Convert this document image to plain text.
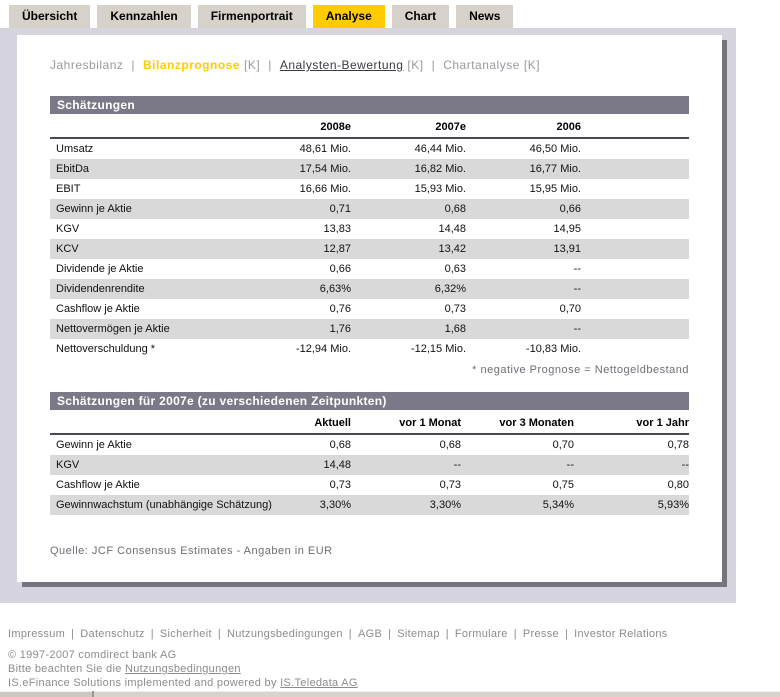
Übersicht	Kennzahlen	Firmenportrait	Analyse	Chart	News
Jahresbilanz | Bilanzprognose [K] | Analysten-Bewertung [K] | Chartanalyse [K]
Schätzungen
2008e	2007e	2006
Umsatz	48,61 Mio.	46,44 Mio.	46,50 Mio.
EbitDa	17,54 Mio.	16,82 Mio.	16,77 Mio.
EBIT	16,66 Mio.	15,93 Mio.	15,95 Mio.
Gewinn je Aktie	0,71	0,68	0,66
KGV	13,83	14,48	14,95
KCV	12,87	13,42	13,91
Dividende je Aktie	0,66	0,63	--
Dividendenrendite	6,63%	6,32%	--
Cashflow je Aktie	0,76	0,73	0,70
Nettovermögen je Aktie	1,76	1,68	--
Nettoverschuldung *	-12,94 Mio.	-12,15 Mio.	-10,83 Mio.
* negative Prognose = Nettogeldbestand
Schätzungen für 2007e (zu verschiedenen Zeitpunkten)
Aktuell	vor 1 Monat	vor 3 Monaten	vor 1 Jahr
Gewinn je Aktie	0,68	0,68	0,70	0,78
KGV	14,48	--	--	--
Cashflow je Aktie	0,73	0,73	0,75	0,80
Gewinnwachstum (unabhängige Schätzung)	3,30%	3,30%	5,34%	5,93%
Quelle: JCF Consensus Estimates - Angaben in EUR
Impressum | Datenschutz | Sicherheit | Nutzungsbedingungen | AGB | Sitemap | Formulare | Presse | Investor Relations
© 1997-2007 comdirect bank AG
Bitte beachten Sie die Nutzungsbedingungen
IS.eFinance Solutions implemented and powered by IS.Teledata AG
